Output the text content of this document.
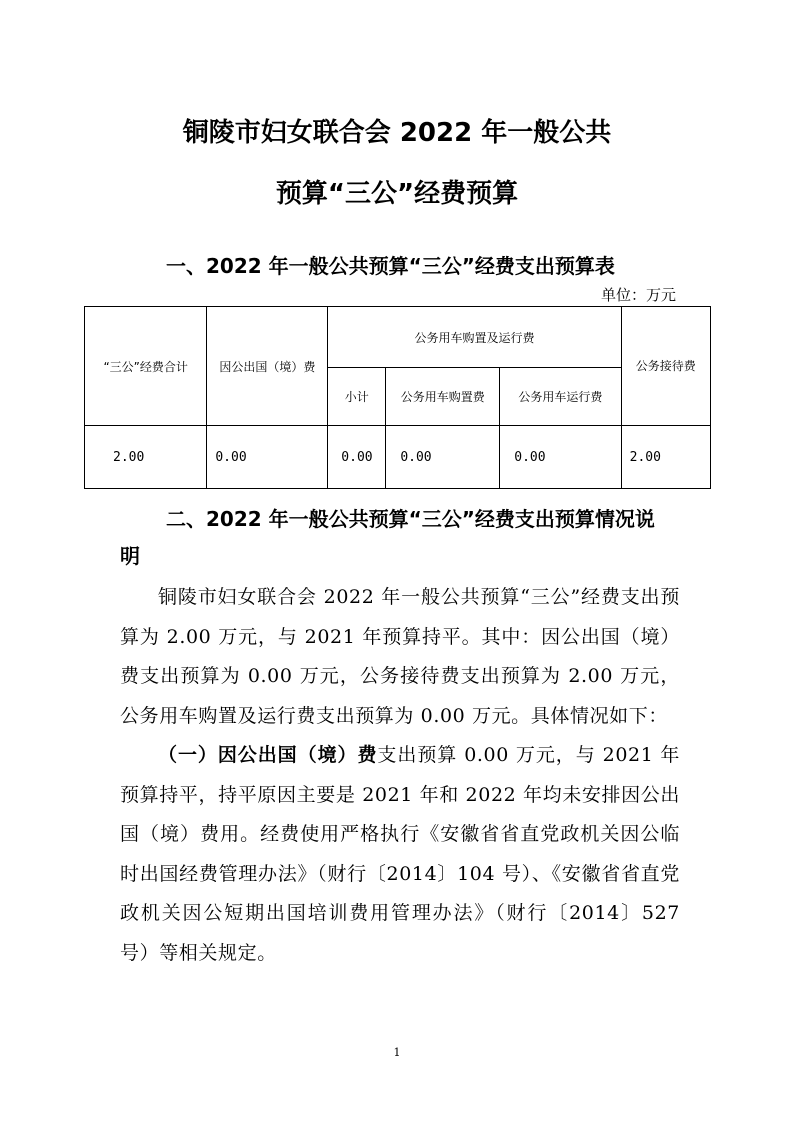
铜陵市妇女联合会 2022 年一般公共
预算“三公”经费预算
一、2022 年一般公共预算“三公”经费支出预算表
单位：万元
“三公”经费合计	因公出国（境）费	公务用车购置及运行费			公务接待费
		小计	公务用车购置费	公务用车运行费	
2.00	0.00	0.00	0.00	0.00	2.00
二、2022 年一般公共预算“三公”经费支出预算情况说
明

铜陵市妇女联合会 2022 年一般公共预算“三公”经费支出预算为 2.00 万元，与 2021 年预算持平。其中：因公出国（境）费支出预算为 0.00 万元，公务接待费支出预算为 2.00 万元，公务用车购置及运行费支出预算为 0.00 万元。具体情况如下：

（一）因公出国（境）费支出预算 0.00 万元，与 2021 年预算持平，持平原因主要是 2021 年和 2022 年均未安排因公出国（境）费用。经费使用严格执行《安徽省省直党政机关因公临时出国经费管理办法》（财行〔2014〕104 号）、《安徽省省直党政机关因公短期出国培训费用管理办法》（财行〔2014〕527 号）等相关规定。

1
